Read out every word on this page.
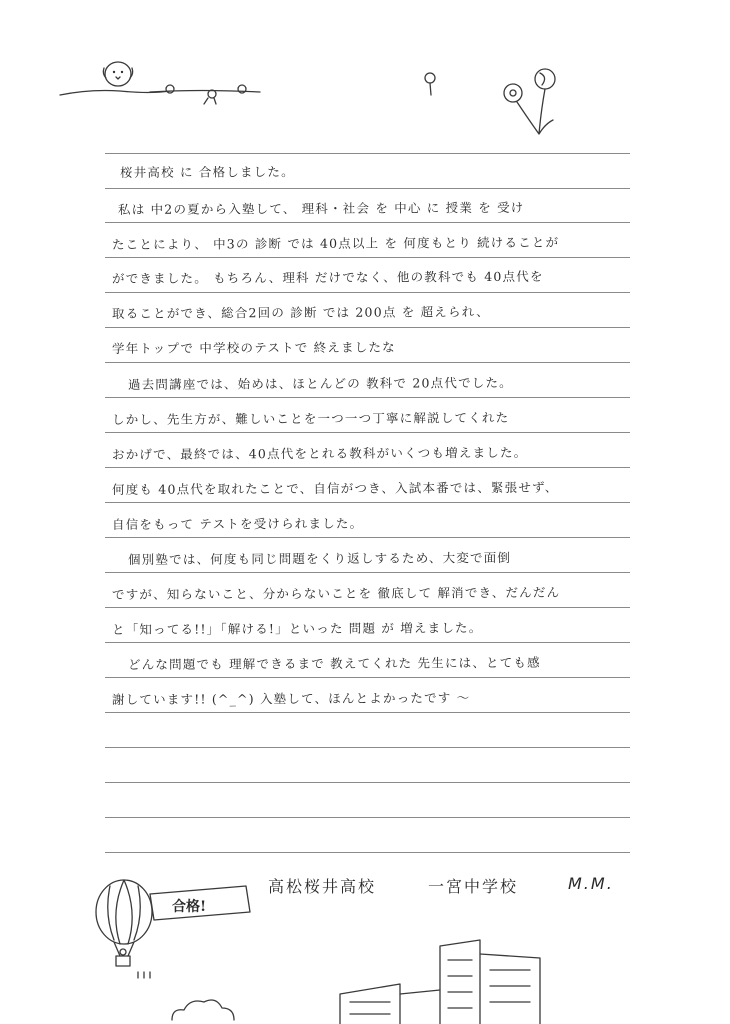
桜井高校 に 合格しました。
私は 中2の夏から入塾して、 理科・社会 を 中心 に 授業 を 受け
たことにより、 中3の 診断 では 40点以上 を 何度もとり 続けることが
ができました。 もちろん、理科 だけでなく、他の教科でも 40点代を
取ることができ、総合2回の 診断 では 200点 を 超えられ、
学年トップで 中学校のテストで 終えましたな
過去問講座では、始めは、ほとんどの 教科で 20点代でした。
しかし、先生方が、難しいことを一つ一つ丁寧に解説してくれた
おかげで、最終では、40点代をとれる教科がいくつも増えました。
何度も 40点代を取れたことで、自信がつき、入試本番では、緊張せず、
自信をもって テストを受けられました。
個別塾では、何度も同じ問題をくり返しするため、大変で面倒
ですが、知らないこと、分からないことを 徹底して 解消でき、だんだん
と「知ってる!!」「解ける!」といった 問題 が 増えました。
どんな問題でも 理解できるまで 教えてくれた 先生には、とても感
謝しています!! (^_^) 入塾して、ほんとよかったです ～
高松桜井高校	一宮中学校	M.M.
合格!
